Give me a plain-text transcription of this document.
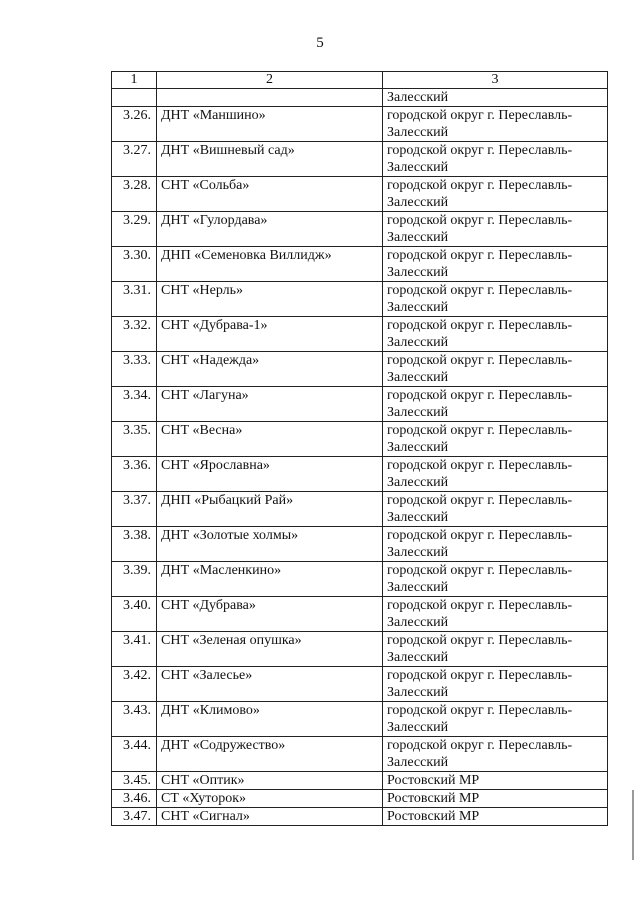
5
1	2	3
		Залесский
3.26.	ДНТ «Маншино»	городской округ г. Переславль-
Залесский

3.27.	ДНТ «Вишневый сад»	городской округ г. Переславль-
Залесский

3.28.	СНТ «Сольба»	городской округ г. Переславль-
Залесский

3.29.	ДНТ «Гулордава»	городской округ г. Переславль-
Залесский

3.30.	ДНП «Семеновка Виллидж»	городской округ г. Переславль-
Залесский

3.31.	СНТ «Нерль»	городской округ г. Переславль-
Залесский

3.32.	СНТ «Дубрава-1»	городской округ г. Переславль-
Залесский

3.33.	СНТ «Надежда»	городской округ г. Переславль-
Залесский

3.34.	СНТ «Лагуна»	городской округ г. Переславль-
Залесский

3.35.	СНТ «Весна»	городской округ г. Переславль-
Залесский

3.36.	СНТ «Ярославна»	городской округ г. Переславль-
Залесский

3.37.	ДНП «Рыбацкий Рай»	городской округ г. Переславль-
Залесский

3.38.	ДНТ «Золотые холмы»	городской округ г. Переславль-
Залесский

3.39.	ДНТ «Масленкино»	городской округ г. Переславль-
Залесский

3.40.	СНТ «Дубрава»	городской округ г. Переславль-
Залесский

3.41.	СНТ «Зеленая опушка»	городской округ г. Переславль-
Залесский

3.42.	СНТ «Залесье»	городской округ г. Переславль-
Залесский

3.43.	ДНТ «Климово»	городской округ г. Переславль-
Залесский

3.44.	ДНТ «Содружество»	городской округ г. Переславль-
Залесский

3.45.	СНТ «Оптик»	Ростовский МР

3.46.	СТ «Хуторок»	Ростовский МР

3.47.	СНТ «Сигнал»	Ростовский МР
